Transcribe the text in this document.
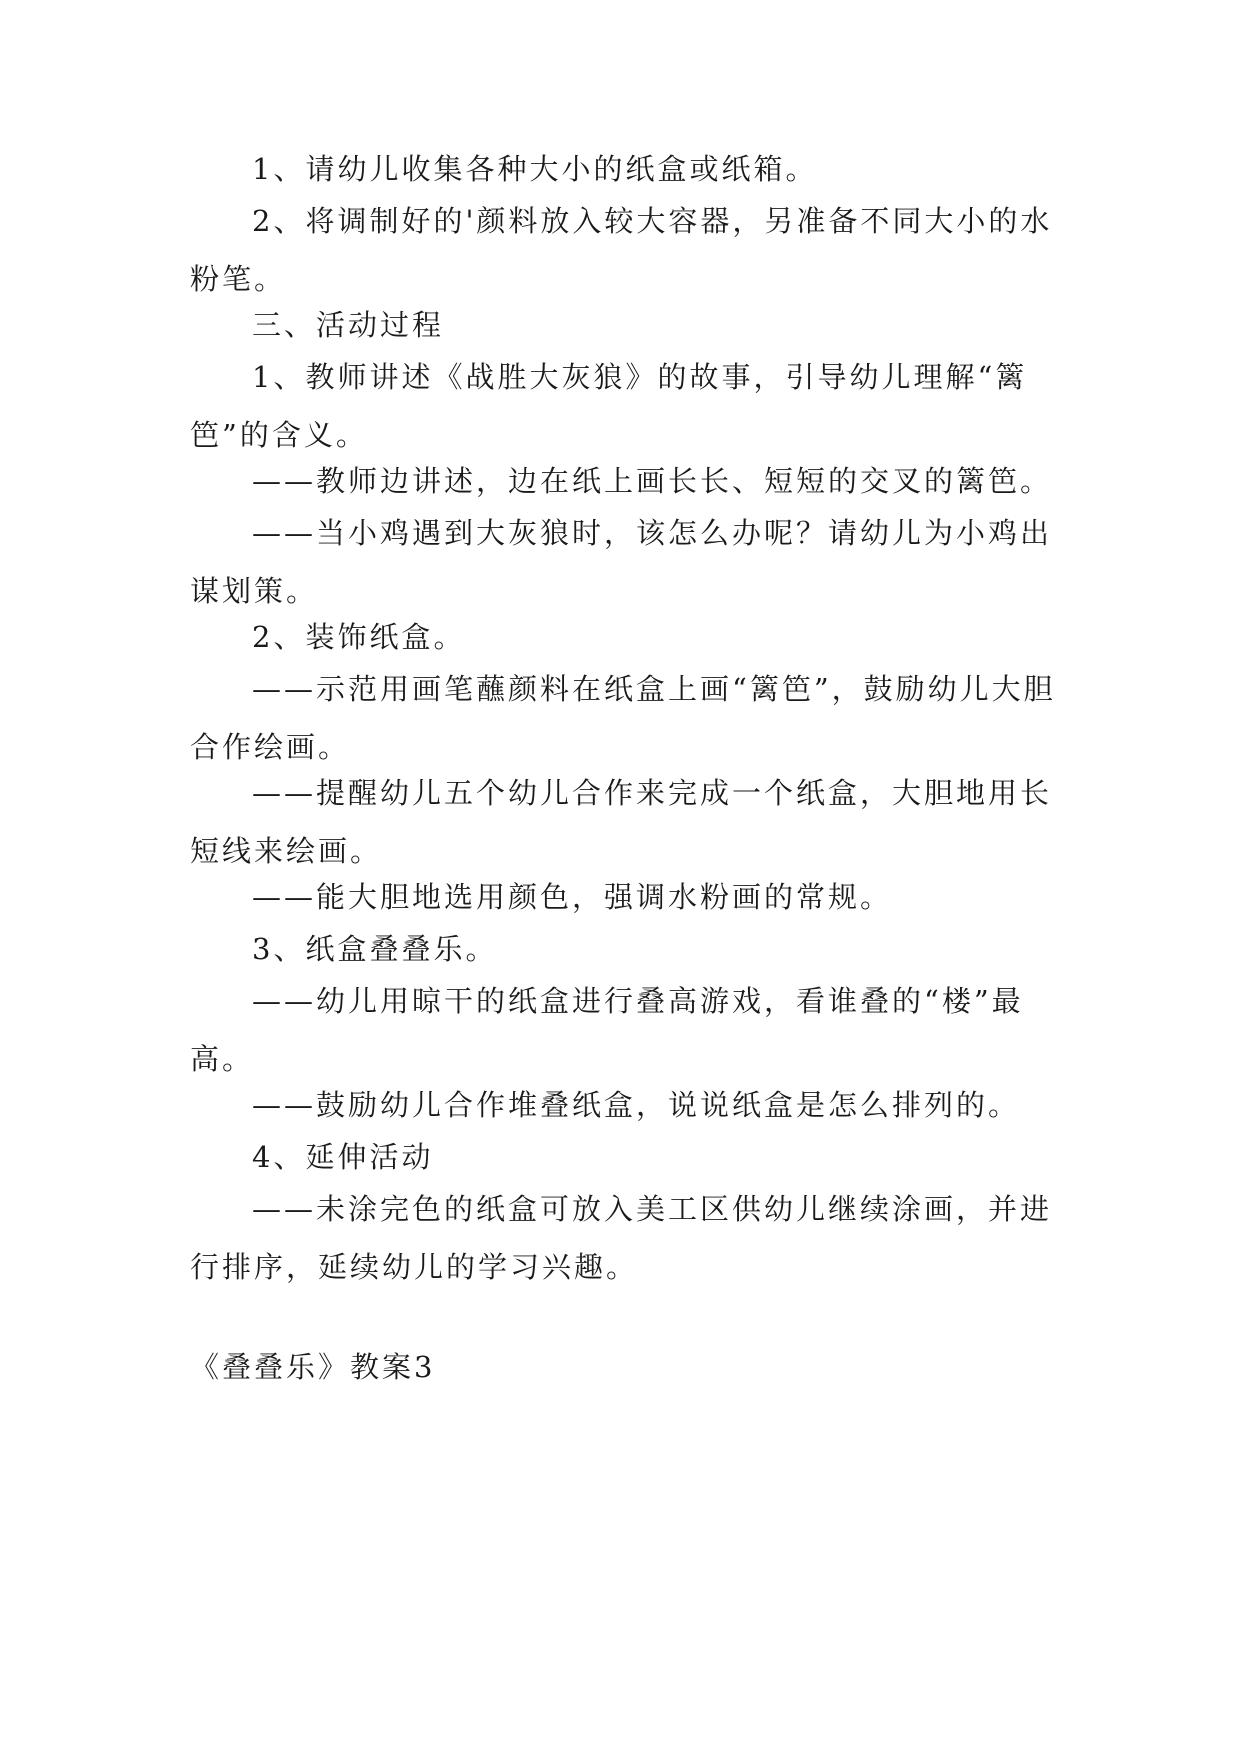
1、请幼儿收集各种大小的纸盒或纸箱。

2、将调制好的'颜料放入较大容器，另准备不同大小的水粉笔。

三、活动过程

1、教师讲述《战胜大灰狼》的故事，引导幼儿理解“篱笆”的含义。

——教师边讲述，边在纸上画长长、短短的交叉的篱笆。

——当小鸡遇到大灰狼时，该怎么办呢？请幼儿为小鸡出谋划策。

2、装饰纸盒。

——示范用画笔蘸颜料在纸盒上画“篱笆”，鼓励幼儿大胆合作绘画。

——提醒幼儿五个幼儿合作来完成一个纸盒，大胆地用长短线来绘画。

——能大胆地选用颜色，强调水粉画的常规。

3、纸盒叠叠乐。

——幼儿用晾干的纸盒进行叠高游戏，看谁叠的“楼”最高。

——鼓励幼儿合作堆叠纸盒，说说纸盒是怎么排列的。

4、延伸活动

——未涂完色的纸盒可放入美工区供幼儿继续涂画，并进行排序，延续幼儿的学习兴趣。

《叠叠乐》教案3
